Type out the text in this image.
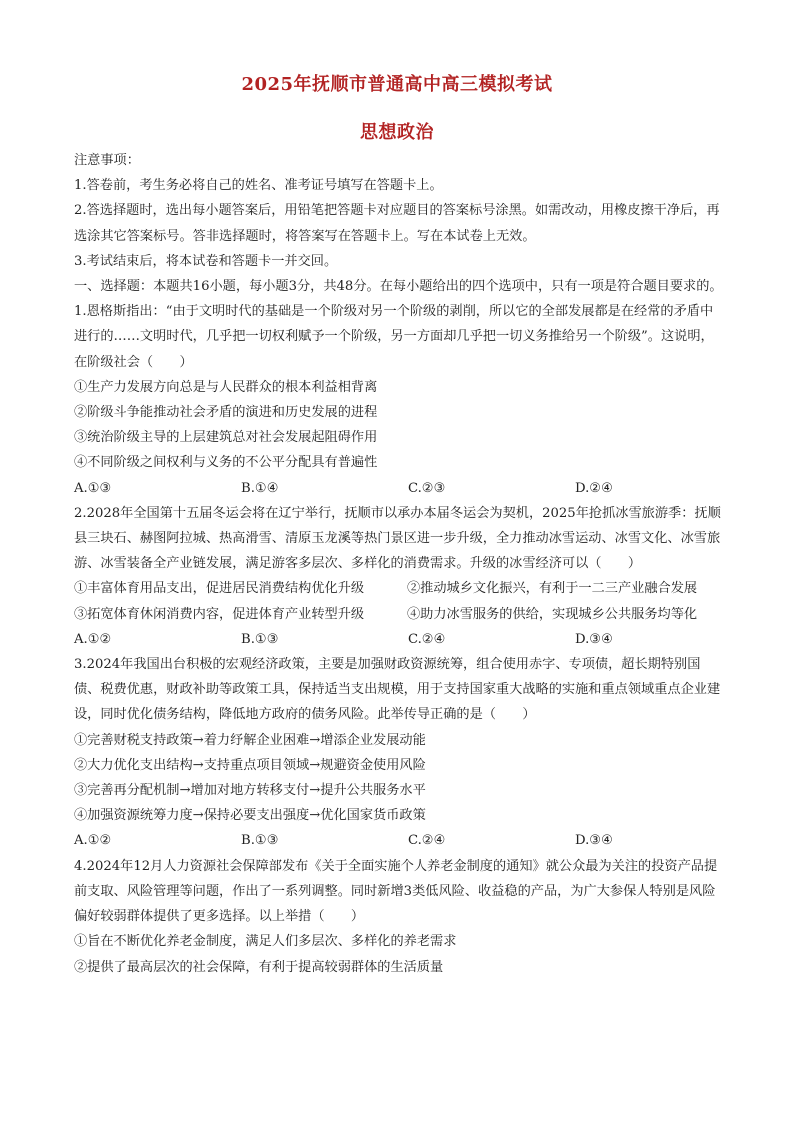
2025年抚顺市普通高中高三模拟考试
思想政治

注意事项：

1.答卷前，考生务必将自己的姓名、准考证号填写在答题卡上。

2.答选择题时，选出每小题答案后，用铅笔把答题卡对应题目的答案标号涂黑。如需改动，用橡皮擦干净后，再选涂其它答案标号。答非选择题时，将答案写在答题卡上。写在本试卷上无效。

3.考试结束后，将本试卷和答题卡一并交回。

一、选择题：本题共16小题，每小题3分，共48分。在每小题给出的四个选项中，只有一项是符合题目要求的。

1.恩格斯指出：“由于文明时代的基础是一个阶级对另一个阶级的剥削，所以它的全部发展都是在经常的矛盾中进行的……文明时代，几乎把一切权利赋予一个阶级，另一方面却几乎把一切义务推给另一个阶级”。这说明，在阶级社会（　　）

①生产力发展方向总是与人民群众的根本利益相背离

②阶级斗争能推动社会矛盾的演进和历史发展的进程

③统治阶级主导的上层建筑总对社会发展起阻碍作用

④不同阶级之间权利与义务的不公平分配具有普遍性

A.①③	B.①④	C.②③	D.②④

2.2028年全国第十五届冬运会将在辽宁举行，抚顺市以承办本届冬运会为契机，2025年抢抓冰雪旅游季：抚顺县三块石、赫图阿拉城、热高滑雪、清原玉龙溪等热门景区进一步升级，全力推动冰雪运动、冰雪文化、冰雪旅游、冰雪装备全产业链发展，满足游客多层次、多样化的消费需求。升级的冰雪经济可以（　　）

①丰富体育用品支出，促进居民消费结构优化升级	②推动城乡文化振兴，有利于一二三产业融合发展
③拓宽体育休闲消费内容，促进体育产业转型升级	④助力冰雪服务的供给，实现城乡公共服务均等化
A.①②	B.①③	C.②④	D.③④

3.2024年我国出台积极的宏观经济政策，主要是加强财政资源统筹，组合使用赤字、专项债，超长期特别国债、税费优惠，财政补助等政策工具，保持适当支出规模，用于支持国家重大战略的实施和重点领域重点企业建设，同时优化债务结构，降低地方政府的债务风险。此举传导正确的是（　　）

①完善财税支持政策→着力纾解企业困难→增添企业发展动能

②大力优化支出结构→支持重点项目领域→规避资金使用风险

③完善再分配机制→增加对地方转移支付→提升公共服务水平

④加强资源统筹力度→保持必要支出强度→优化国家货币政策

A.①②	B.①③	C.②④	D.③④

4.2024年12月人力资源社会保障部发布《关于全面实施个人养老金制度的通知》就公众最为关注的投资产品提前支取、风险管理等问题，作出了一系列调整。同时新增3类低风险、收益稳的产品，为广大参保人特别是风险偏好较弱群体提供了更多选择。以上举措（　　）

①旨在不断优化养老金制度，满足人们多层次、多样化的养老需求

②提供了最高层次的社会保障，有利于提高较弱群体的生活质量
